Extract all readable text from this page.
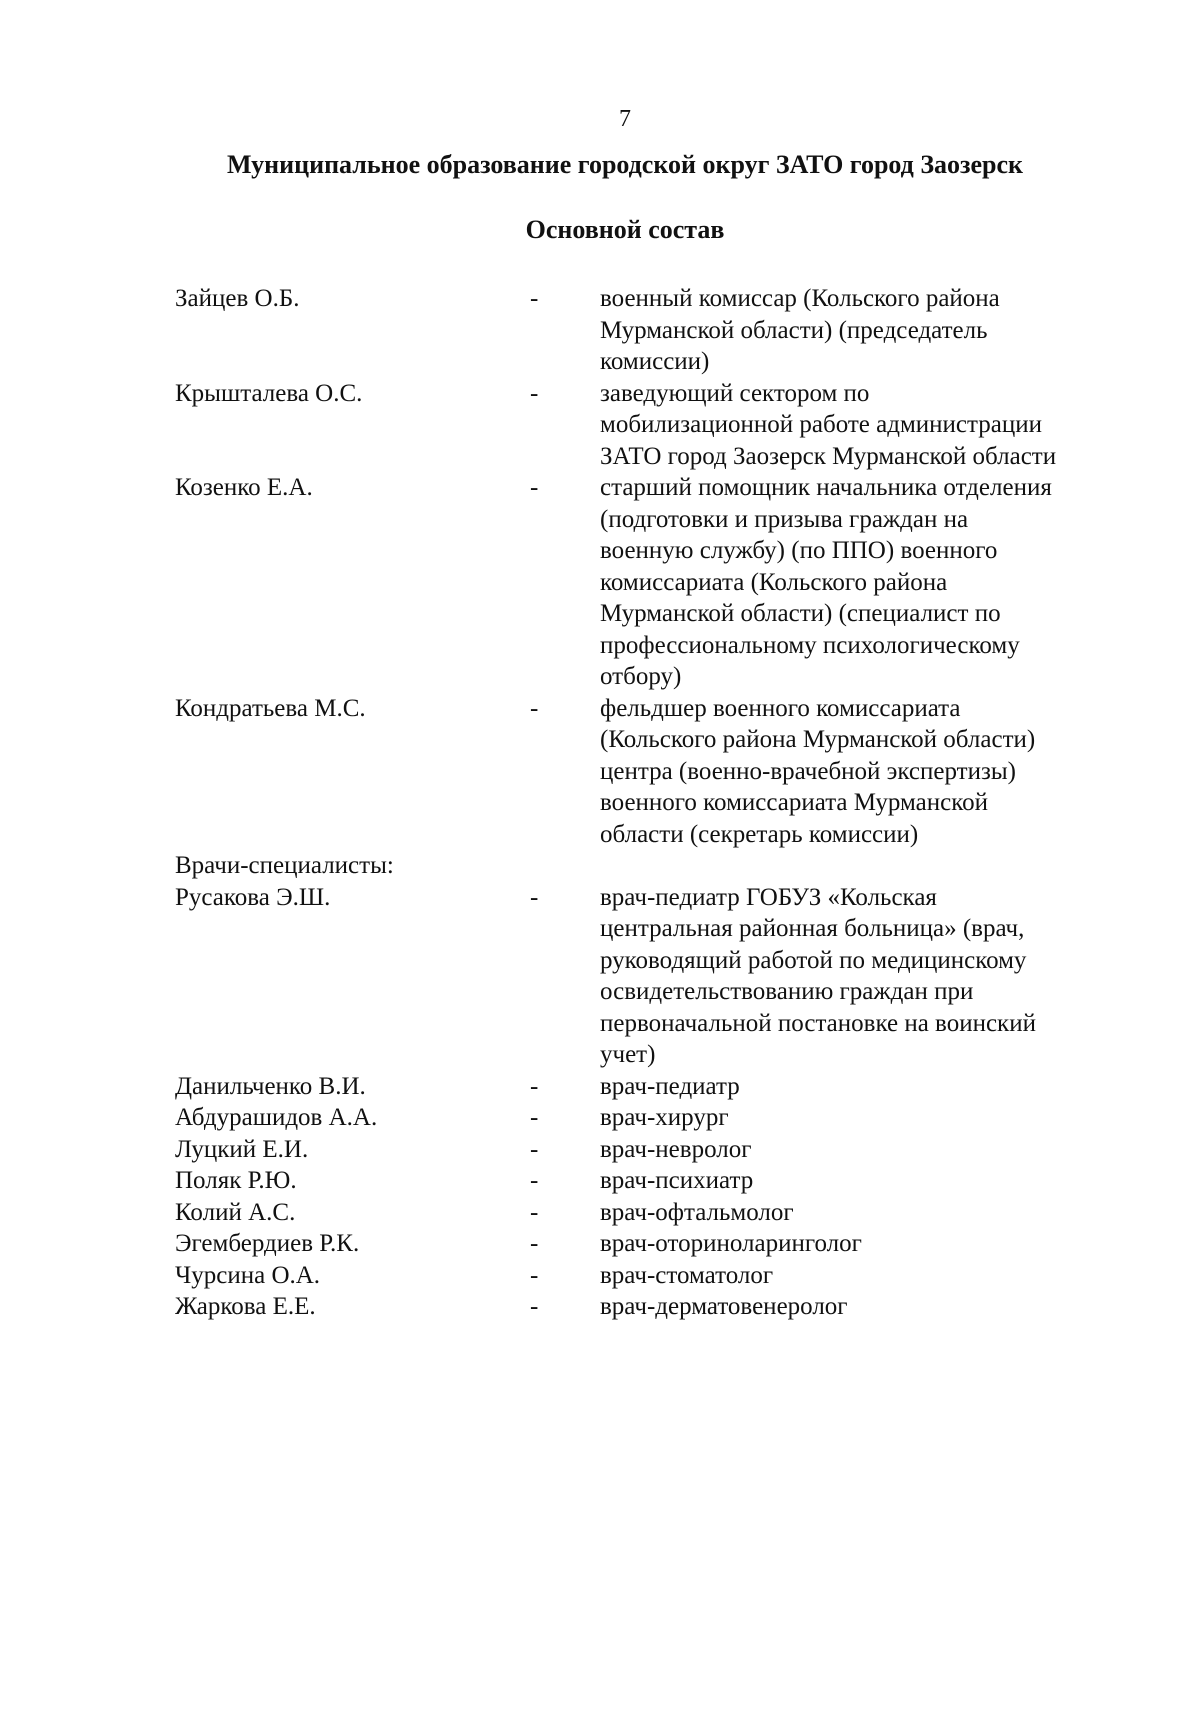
7
Муниципальное образование городской округ ЗАТО город Заозерск
Основной состав
Зайцев О.Б.	-	военный комиссар (Кольского района
Мурманской области) (председатель
комиссии)
Крышталева О.С.	-	заведующий сектором по
мобилизационной работе администрации
ЗАТО город Заозерск Мурманской области
Козенко Е.А.	-	старший помощник начальника отделения
(подготовки и призыва граждан на
военную службу) (по ППО) военного
комиссариата (Кольского района
Мурманской области) (специалист по
профессиональному психологическому
отбору)
Кондратьева М.С.	-	фельдшер военного комиссариата
(Кольского района Мурманской области)
центра (военно-врачебной экспертизы)
военного комиссариата Мурманской
области (секретарь комиссии)
Врачи-специалисты:
Русакова Э.Ш.	-	врач-педиатр ГОБУЗ «Кольская
центральная районная больница» (врач,
руководящий работой по медицинскому
освидетельствованию граждан при
первоначальной постановке на воинский
учет)
Данильченко В.И.	-	врач-педиатр
Абдурашидов А.А.	-	врач-хирург
Луцкий Е.И.	-	врач-невролог
Поляк Р.Ю.	-	врач-психиатр
Колий А.С.	-	врач-офтальмолог
Эгембердиев Р.К.	-	врач-оториноларинголог
Чурсина О.А.	-	врач-стоматолог
Жаркова Е.Е.	-	врач-дерматовенеролог
